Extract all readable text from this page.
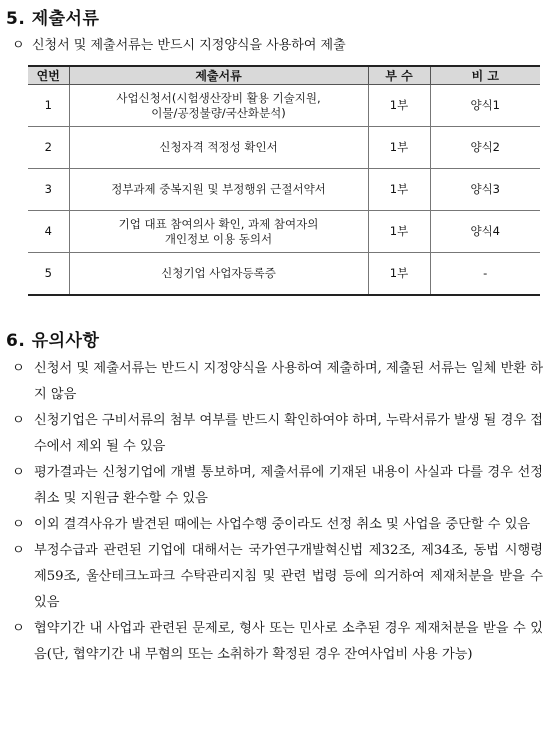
5. 제출서류
ㅇ 신청서 및 제출서류는 반드시 지정양식을 사용하여 제출
연번	제출서류	부 수	비 고
1	사업신청서(시험생산장비 활용 기술지원,
이물/공정불량/국산화분석)	1부	양식1
2	신청자격 적정성 확인서	1부	양식2
3	정부과제 중복지원 및 부정행위 근절서약서	1부	양식3
4	기업 대표 참여의사 확인, 과제 참여자의
개인정보 이용 동의서	1부	양식4
5	신청기업 사업자등록증	1부	-
6. 유의사항
ㅇ 신청서 및 제출서류는 반드시 지정양식을 사용하여 제출하며, 제출된 서류는 일체 반환 하지 않음
ㅇ 신청기업은 구비서류의 첨부 여부를 반드시 확인하여야 하며, 누락서류가 발생 될 경우 접수에서 제외 될 수 있음
ㅇ 평가결과는 신청기업에 개별 통보하며, 제출서류에 기재된 내용이 사실과 다를 경우 선정 취소 및 지원금 환수할 수 있음
ㅇ 이외 결격사유가 발견된 때에는 사업수행 중이라도 선정 취소 및 사업을 중단할 수 있음
ㅇ 부정수급과 관련된 기업에 대해서는 국가연구개발혁신법 제32조, 제34조, 동법 시행령 제59조, 울산테크노파크 수탁관리지침 및 관련 법령 등에 의거하여 제재처분을 받을 수 있음
ㅇ 협약기간 내 사업과 관련된 문제로, 형사 또는 민사로 소추된 경우 제재처분을 받을 수 있음(단, 협약기간 내 무혐의 또는 소취하가 확정된 경우 잔여사업비 사용 가능)
